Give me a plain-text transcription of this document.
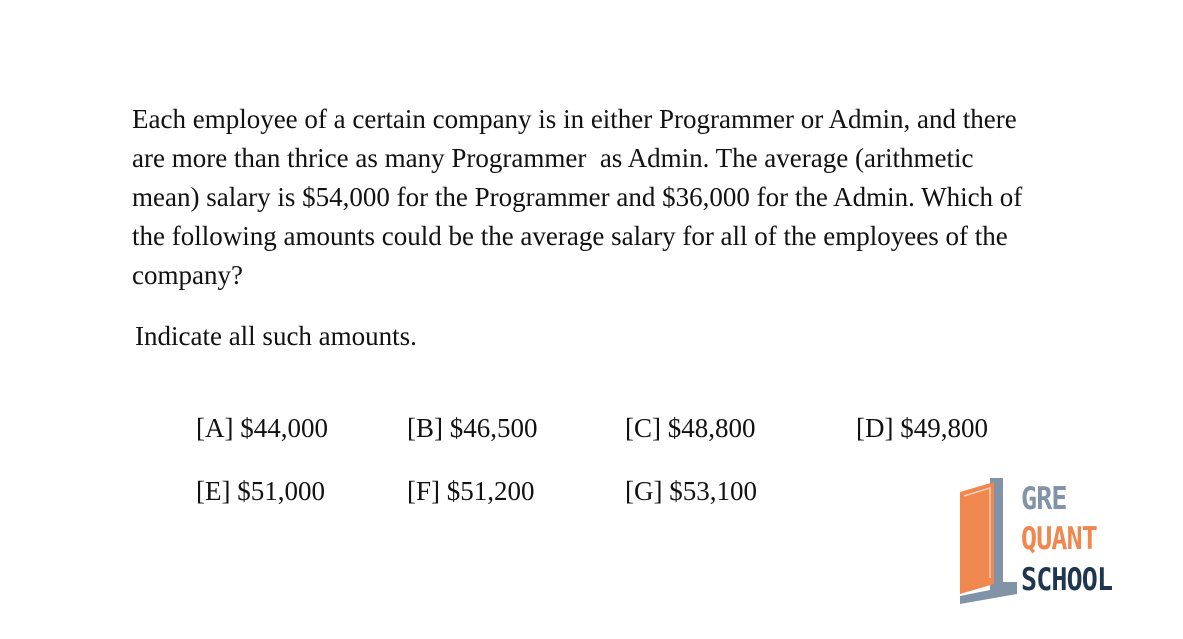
Each employee of a certain company is in either Programmer or Admin, and there
are more than thrice as many Programmer  as Admin. The average (arithmetic
mean) salary is $54,000 for the Programmer and $36,000 for the Admin. Which of
the following amounts could be the average salary for all of the employees of the
company?

Indicate all such amounts.

[A] $44,000	[B] $46,500	[C] $48,800	[D] $49,800
[E] $51,000	[F] $51,200	[G] $53,100	GRE
QUANT
SCHOOL
